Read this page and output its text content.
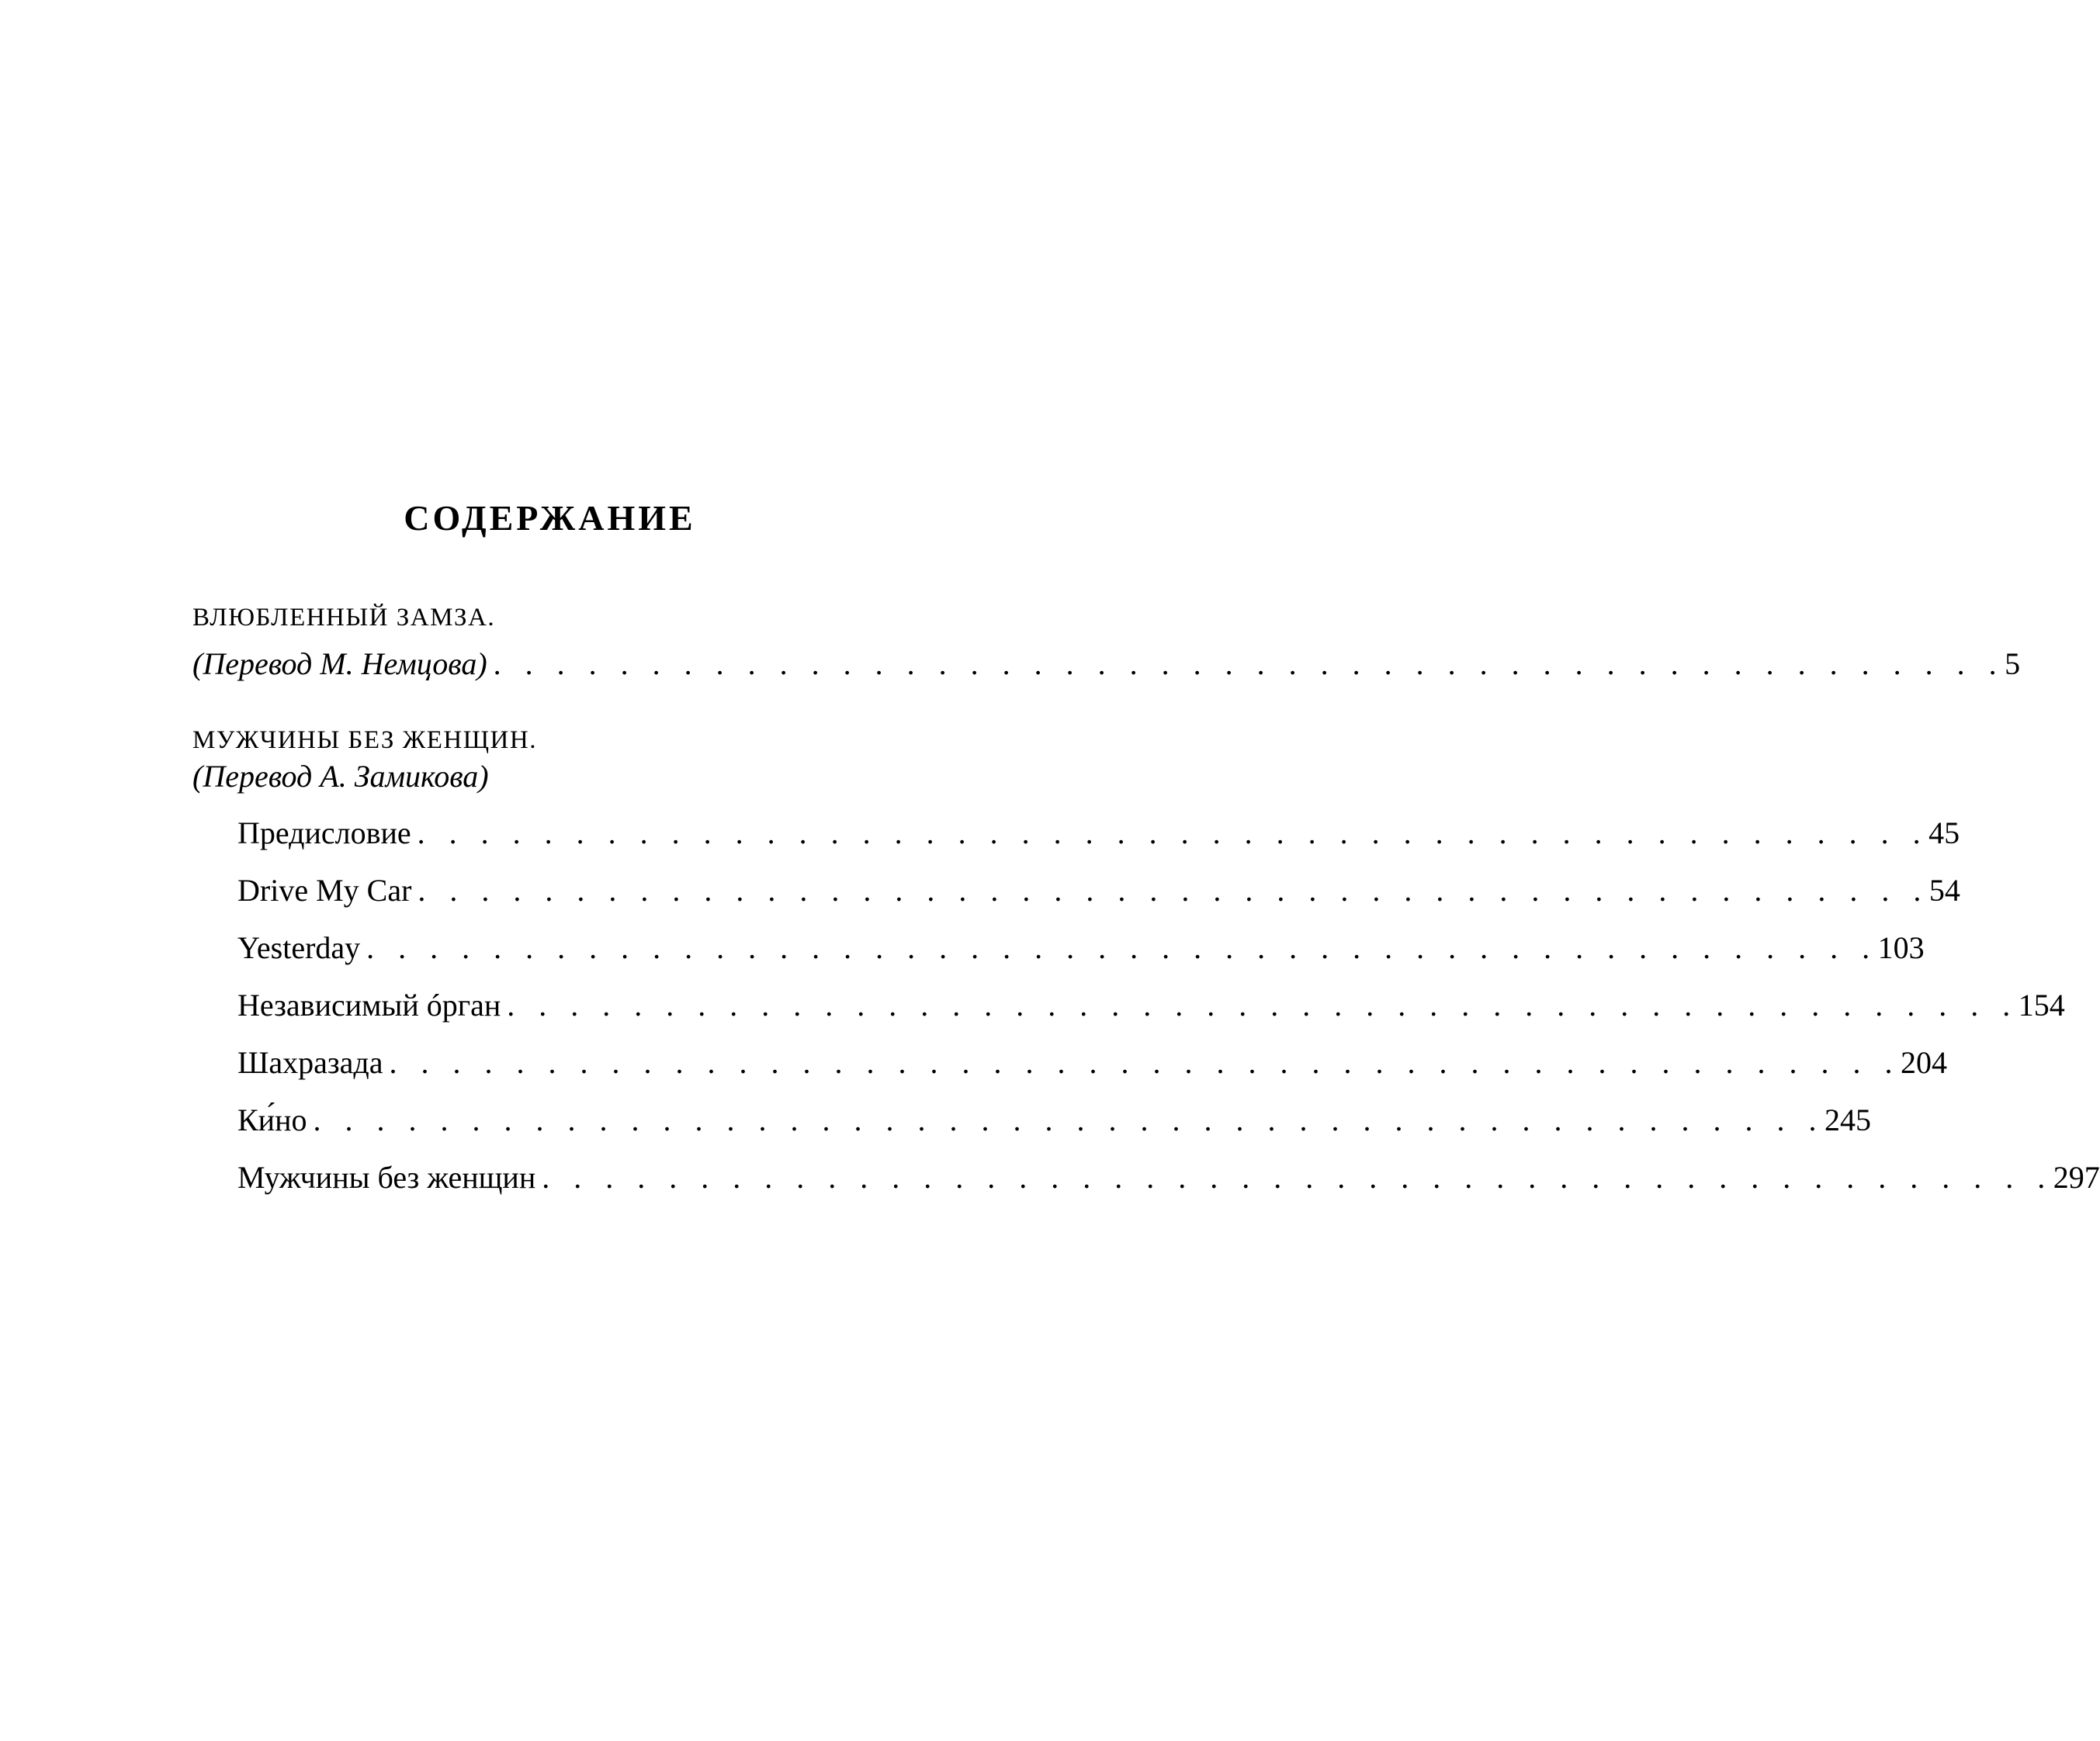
СОДЕРЖАНИЕ
ВЛЮБЛЕННЫЙ ЗАМЗА.
(Перевод М. Немцова) . . . . . . . . . . . . . . . . . . . . . . . . . . . . . . . . . . . . . . . . . . . . . . . . 5
МУЖЧИНЫ БЕЗ ЖЕНЩИН.
(Перевод А. Замикова)
Предисловие . . . . . . . . . . . . . . . . . . . . . . . . . . . . . . . . . . . . . . . . . . . . . . . . 45
Drive My Car . . . . . . . . . . . . . . . . . . . . . . . . . . . . . . . . . . . . . . . . . . . . . . . . 54
Yesterday . . . . . . . . . . . . . . . . . . . . . . . . . . . . . . . . . . . . . . . . . . . . . . . . 103
Независимый óрган . . . . . . . . . . . . . . . . . . . . . . . . . . . . . . . . . . . . . . . . . . . . . . . . 154
Шахразада . . . . . . . . . . . . . . . . . . . . . . . . . . . . . . . . . . . . . . . . . . . . . . . . 204
Ки́но . . . . . . . . . . . . . . . . . . . . . . . . . . . . . . . . . . . . . . . . . . . . . . . . 245
Мужчины без женщин . . . . . . . . . . . . . . . . . . . . . . . . . . . . . . . . . . . . . . . . . . . . . . . . 297
